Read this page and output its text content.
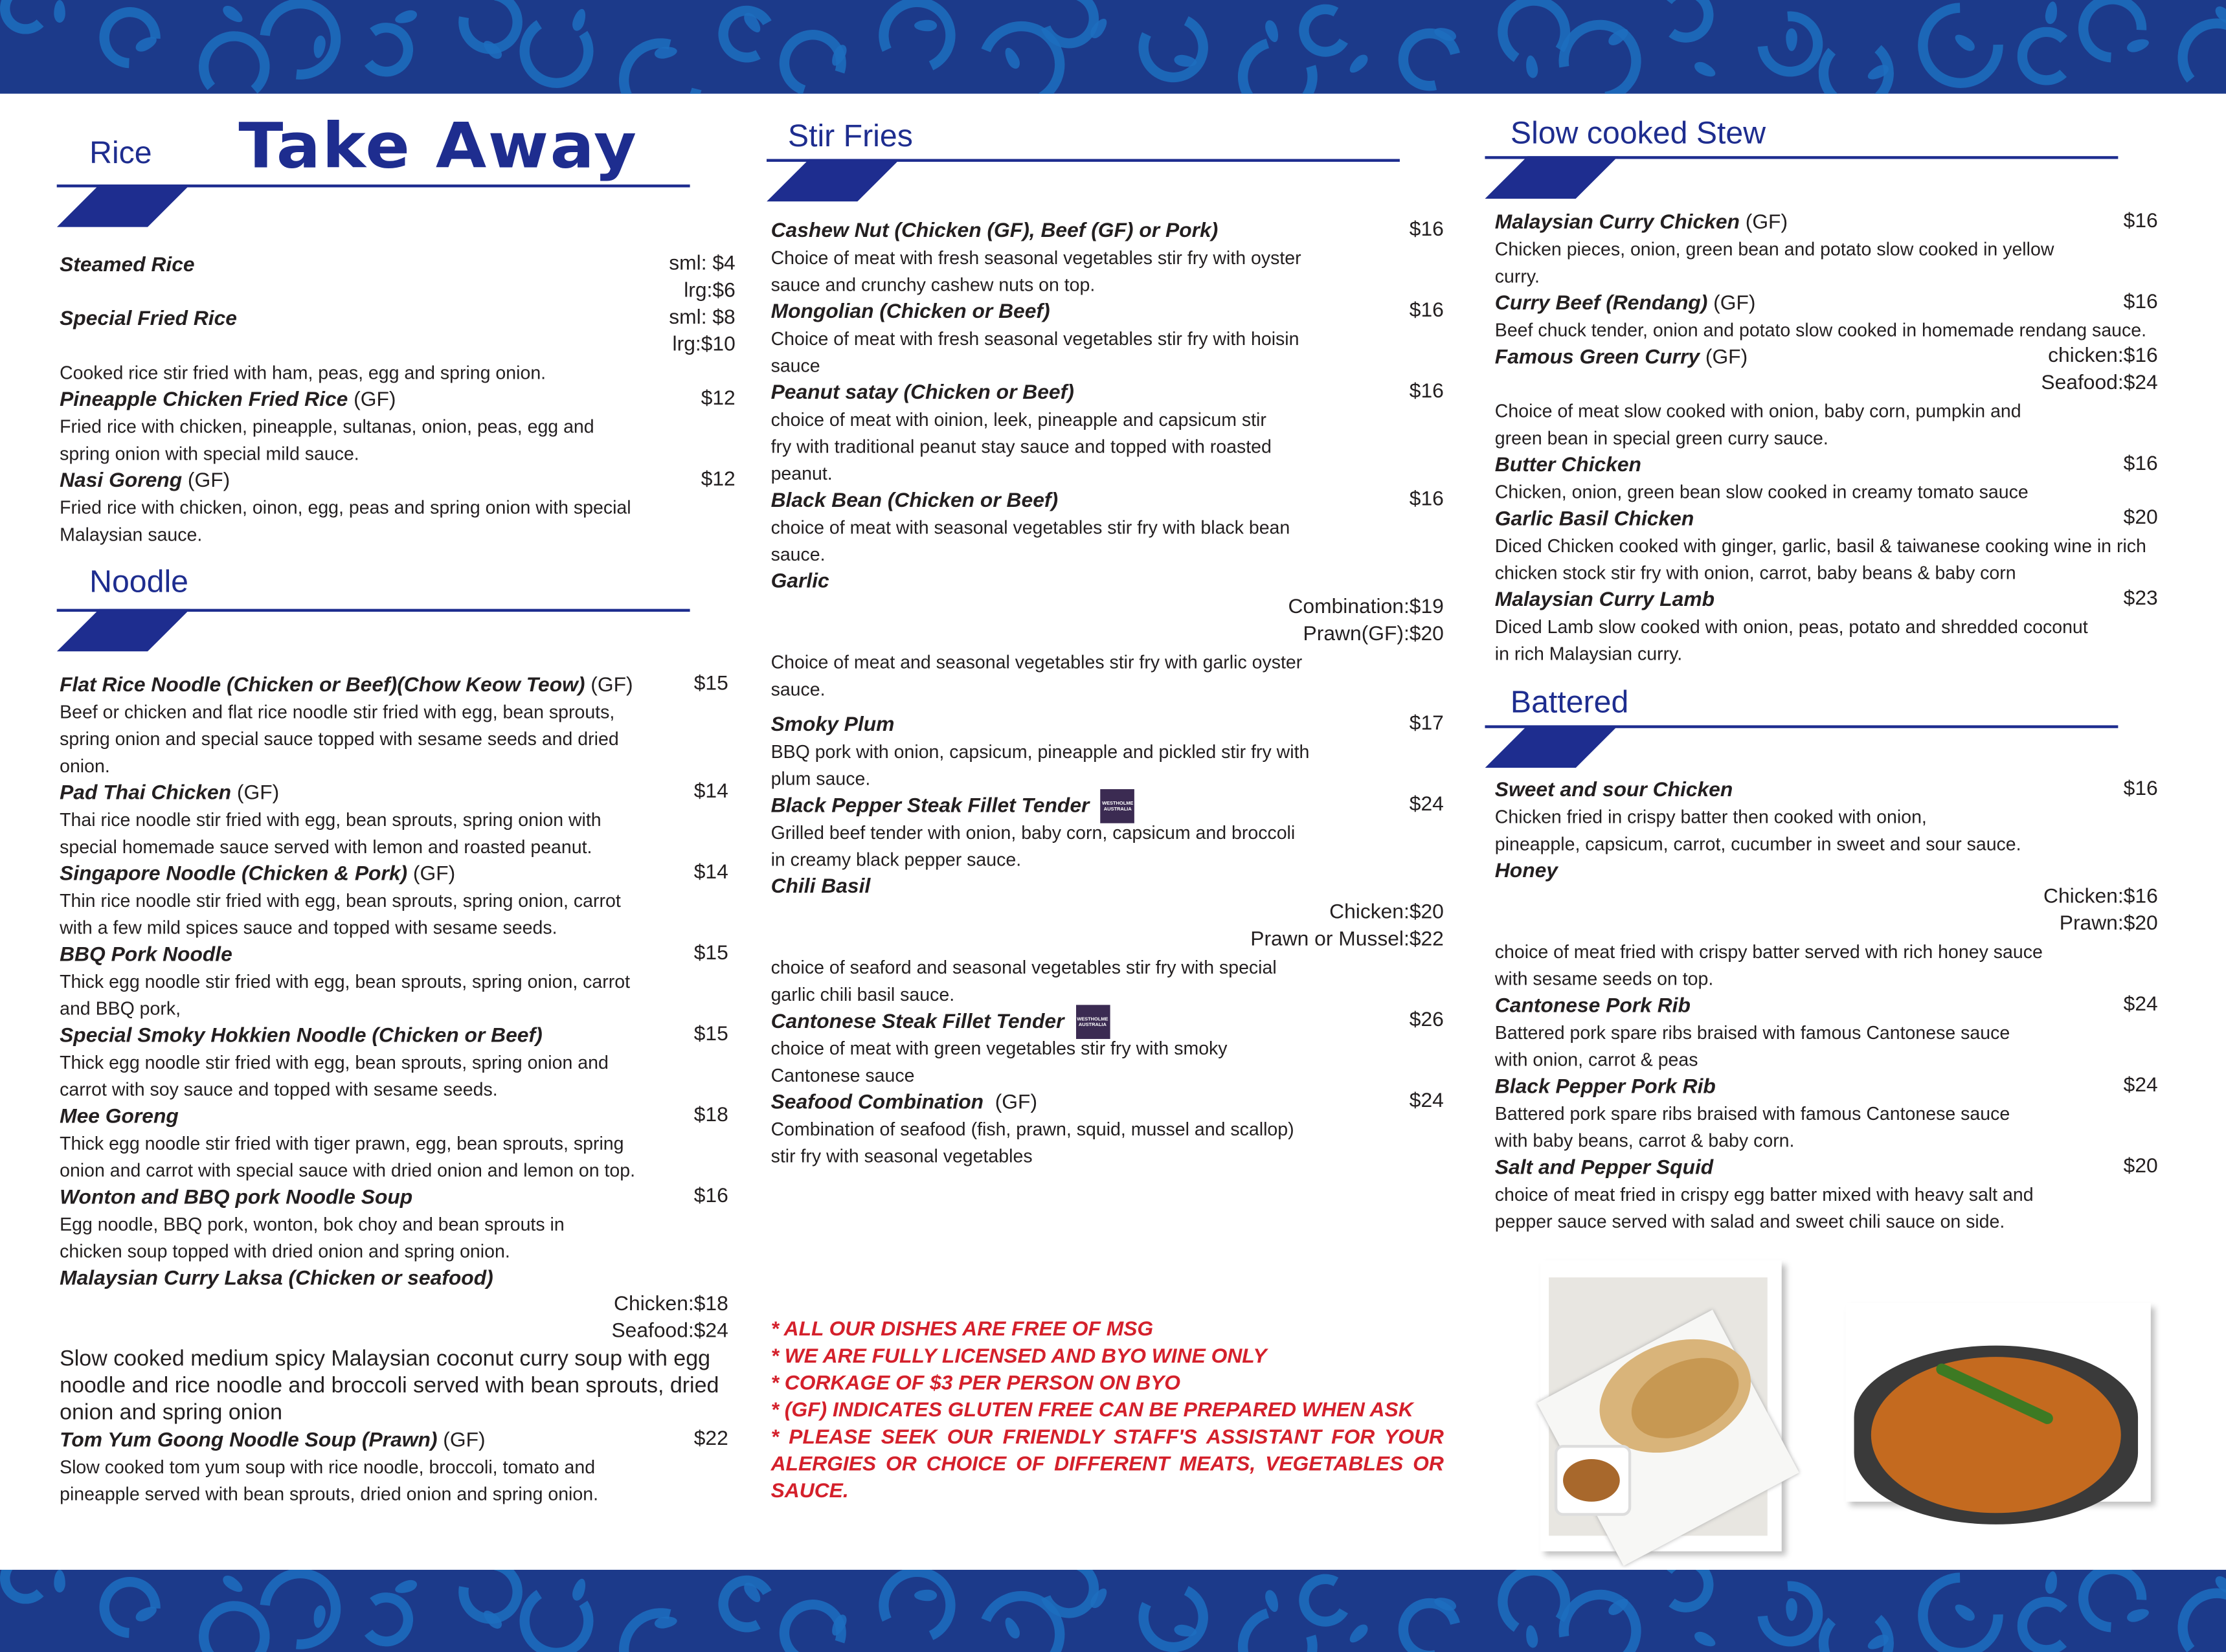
Take Away
Rice
Noodle
Stir Fries	Slow cooked Stew
Battered
Steamed Rice	sml: $4
lrg:$6
Special Fried Rice	sml: $8
lrg:$10
Cooked rice stir fried with ham, peas, egg and spring onion.
Pineapple Chicken Fried Rice (GF)	$12
Fried rice with chicken, pineapple, sultanas, onion, peas, egg and
spring onion with special mild sauce.
Nasi Goreng (GF)	$12
Fried rice with chicken, oinon, egg, peas and spring onion with special
Malaysian sauce.
Flat Rice Noodle (Chicken or Beef)(Chow Keow Teow) (GF)	$15
Beef or chicken and flat rice noodle stir fried with egg, bean sprouts,
spring onion and special sauce topped with sesame seeds and dried
onion.
Pad Thai Chicken (GF)	$14
Thai rice noodle stir fried with egg, bean sprouts, spring onion with
special homemade sauce served with lemon and roasted peanut.
Singapore Noodle (Chicken & Pork) (GF)	$14
Thin rice noodle stir fried with egg, bean sprouts, spring onion, carrot
with a few mild spices sauce and topped with sesame seeds.
BBQ Pork Noodle	$15
Thick egg noodle stir fried with egg, bean sprouts, spring onion, carrot
and BBQ pork,
Special Smoky Hokkien Noodle (Chicken or Beef)	$15
Thick egg noodle stir fried with egg, bean sprouts, spring onion and
carrot with soy sauce and topped with sesame seeds.
Mee Goreng	$18
Thick egg noodle stir fried with tiger prawn, egg, bean sprouts, spring
onion and carrot with special sauce with dried onion and lemon on top.
Wonton and BBQ pork Noodle Soup	$16
Egg noodle, BBQ pork, wonton, bok choy and bean sprouts in
chicken soup topped with dried onion and spring onion.
Malaysian Curry Laksa (Chicken or seafood)
Chicken:$18
Seafood:$24
Slow cooked medium spicy Malaysian coconut curry soup with egg
noodle and rice noodle and broccoli served with bean sprouts, dried
onion and spring onion
Tom Yum Goong Noodle Soup (Prawn) (GF)	$22
Slow cooked tom yum soup with rice noodle, broccoli, tomato and
pineapple served with bean sprouts, dried onion and spring onion.
Cashew Nut (Chicken (GF), Beef (GF) or Pork)	$16
Choice of meat with fresh seasonal vegetables stir fry with oyster
sauce and crunchy cashew nuts on top.
Mongolian (Chicken or Beef)	$16
Choice of meat with fresh seasonal vegetables stir fry with hoisin
sauce
Peanut satay (Chicken or Beef)	$16
choice of meat with oinion, leek, pineapple and capsicum stir
fry with traditional peanut stay sauce and topped with roasted
peanut.
Black Bean (Chicken or Beef)	$16
choice of meat with seasonal vegetables stir fry with black bean
sauce.
Garlic
Combination:$19
Prawn(GF):$20
Choice of meat and seasonal vegetables stir fry with garlic oyster
sauce.
Smoky Plum	$17
BBQ pork with onion, capsicum, pineapple and pickled stir fry with
plum sauce.
Black Pepper Steak Fillet Tender	WESTHOLME AUSTRALIA	$24
Grilled beef tender with onion, baby corn, capsicum and broccoli
in creamy black pepper sauce.
Chili Basil
Chicken:$20
Prawn or Mussel:$22
choice of seaford and seasonal vegetables stir fry with special
garlic chili basil sauce.
Cantonese Steak Fillet Tender	WESTHOLME AUSTRALIA	$26
choice of meat with green vegetables stir fry with smoky
Cantonese sauce
Seafood Combination (GF)	$24
Combination of seafood (fish, prawn, squid, mussel and scallop)
stir fry with seasonal vegetables
Malaysian Curry Chicken (GF)	$16
Chicken pieces, onion, green bean and potato slow cooked in yellow
curry.
Curry Beef (Rendang) (GF)	$16
Beef chuck tender, onion and potato slow cooked in homemade rendang sauce.
Famous Green Curry (GF)	chicken:$16
Seafood:$24
Choice of meat slow cooked with onion, baby corn, pumpkin and
green bean in special green curry sauce.
Butter Chicken	$16
Chicken, onion, green bean slow cooked in creamy tomato sauce
Garlic Basil Chicken	$20
Diced Chicken cooked with ginger, garlic, basil & taiwanese cooking wine in rich
chicken stock stir fry with onion, carrot, baby beans & baby corn
Malaysian Curry Lamb	$23
Diced Lamb slow cooked with onion, peas, potato and shredded coconut
in rich Malaysian curry.
Sweet and sour Chicken	$16
Chicken fried in crispy batter then cooked with onion,
pineapple, capsicum, carrot, cucumber in sweet and sour sauce.
Honey
Chicken:$16
Prawn:$20
choice of meat fried with crispy batter served with rich honey sauce
with sesame seeds on top.
Cantonese Pork Rib	$24
Battered pork spare ribs braised with famous Cantonese sauce
with onion, carrot & peas
Black Pepper Pork Rib	$24
Battered pork spare ribs braised with famous Cantonese sauce
with baby beans, carrot & baby corn.
Salt and Pepper Squid	$20
choice of meat fried in crispy egg batter mixed with heavy salt and
pepper sauce served with salad and sweet chili sauce on side.
* ALL OUR DISHES ARE FREE OF MSG
* WE ARE FULLY LICENSED AND BYO WINE ONLY
* CORKAGE OF $3 PER PERSON ON BYO
* (GF) INDICATES GLUTEN FREE CAN BE PREPARED WHEN ASK
* PLEASE SEEK OUR FRIENDLY STAFF'S ASSISTANT FOR YOUR ALERGIES OR CHOICE OF DIFFERENT MEATS, VEGETABLES OR SAUCE.
